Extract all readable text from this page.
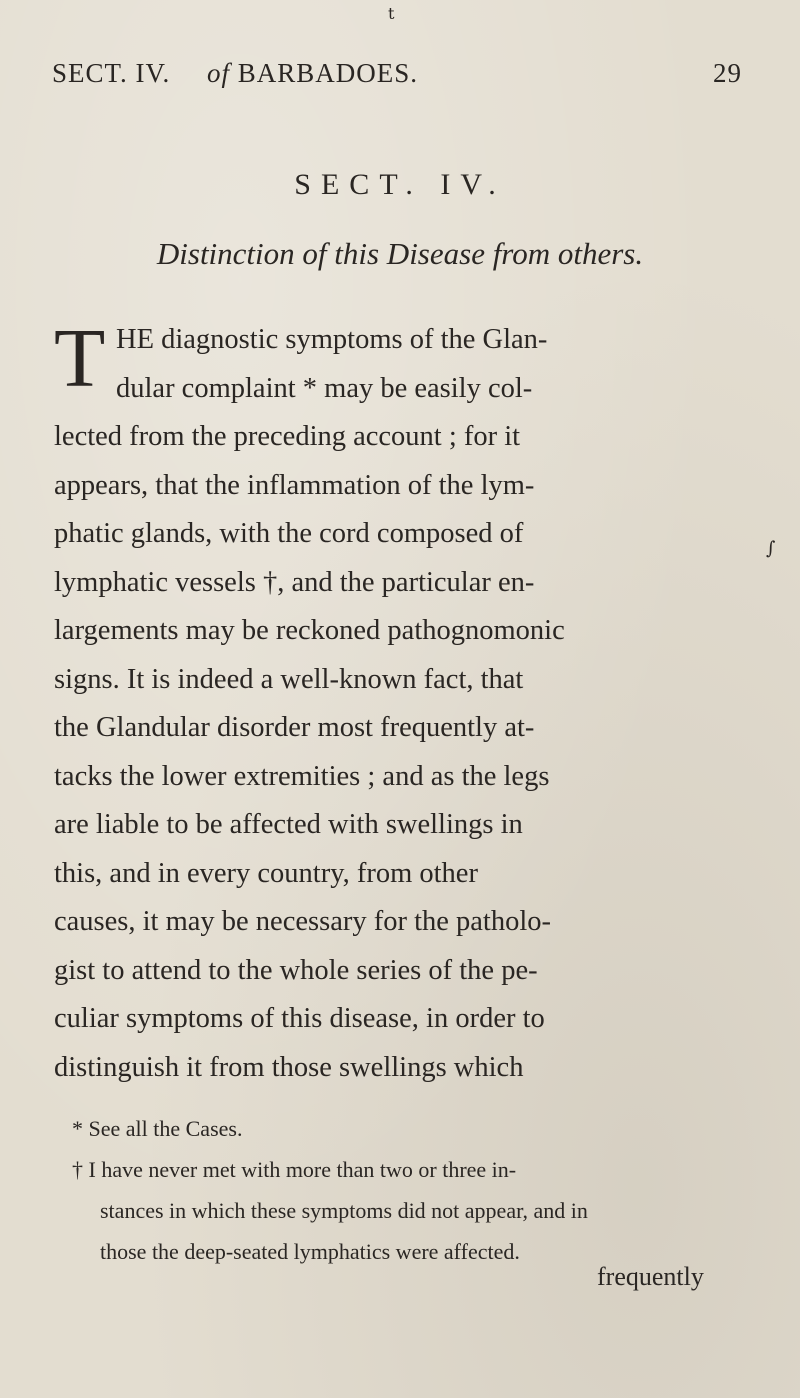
t
SECT. IV. of BARBADOES.	29
SECT. IV.
Distinction of this Disease from others.
T HE diagnostic symptoms of the Glan-
dular complaint * may be easily col-
lected from the preceding account ; for it
appears, that the inflammation of the lym-
phatic glands, with the cord composed of
lymphatic vessels †, and the particular en-
largements may be reckoned pathognomonic
signs. It is indeed a well-known fact, that
the Glandular disorder most frequently at-
tacks the lower extremities ; and as the legs
are liable to be affected with swellings in
this, and in every country, from other
causes, it may be necessary for the patholo-
gist to attend to the whole series of the pe-
culiar symptoms of this disease, in order to
distinguish it from those swellings which
∫
* See all the Cases.
† I have never met with more than two or three in-
stances in which these symptoms did not appear, and in
those the deep-seated lymphatics were affected.
frequently
